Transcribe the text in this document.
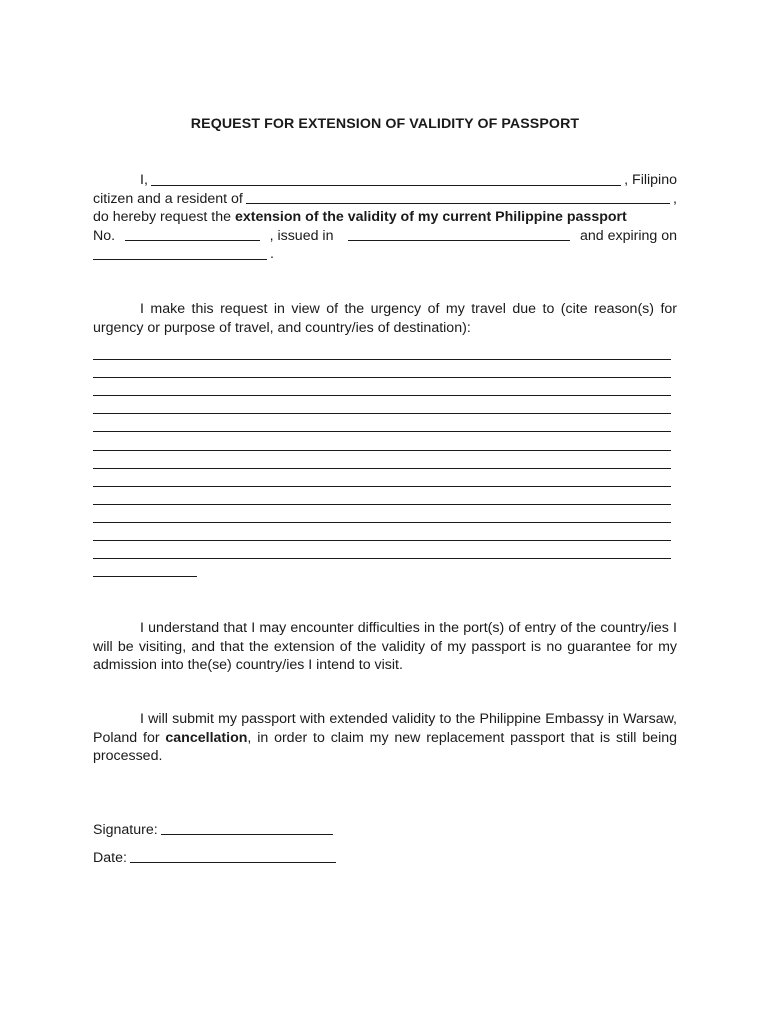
REQUEST FOR EXTENSION OF VALIDITY OF PASSPORT
I,	, Filipino
citizen and a resident of	,
do hereby request the extension of the validity of my current Philippine passport
No.	, issued in	and expiring on
.
I make this request in view of the urgency of my travel due to (cite reason(s) for urgency or purpose of travel, and country/ies of destination):
I understand that I may encounter difficulties in the port(s) of entry of the country/ies I will be visiting, and that the extension of the validity of my passport is no guarantee for my admission into the(se) country/ies I intend to visit.
I will submit my passport with extended validity to the Philippine Embassy in Warsaw, Poland for cancellation, in order to claim my new replacement passport that is still being processed.
Signature:
Date:
